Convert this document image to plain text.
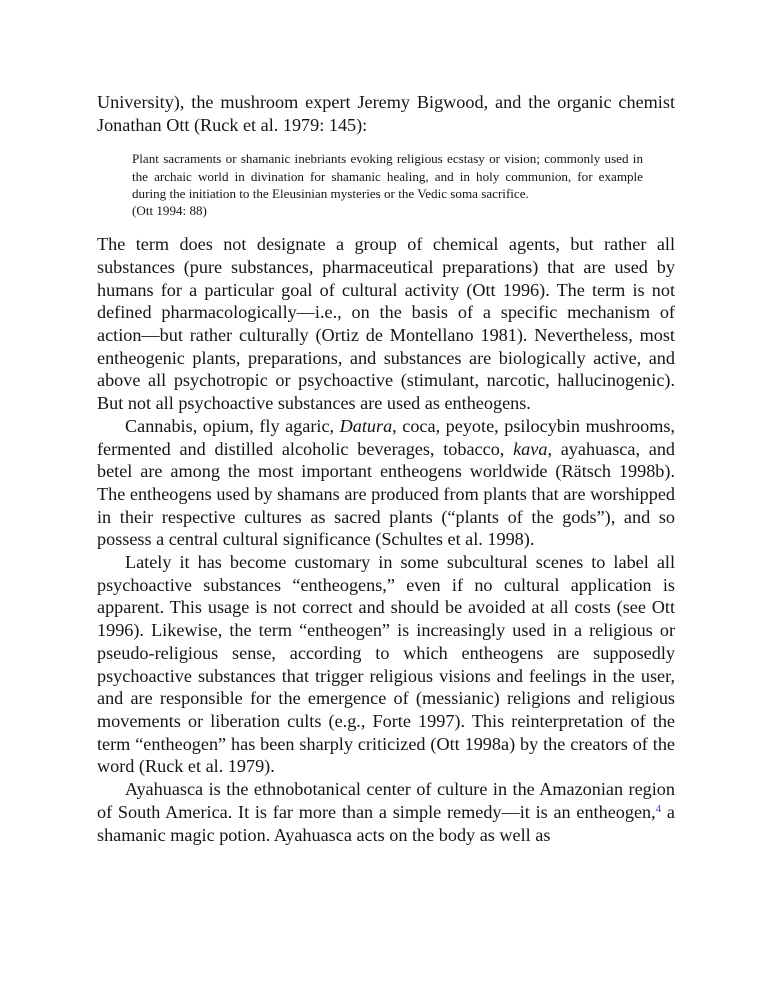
University), the mushroom expert Jeremy Bigwood, and the organic chemist Jonathan Ott (Ruck et al. 1979: 145):

Plant sacraments or shamanic inebriants evoking religious ecstasy or vision; commonly used in the archaic world in divination for shamanic healing, and in holy communion, for example during the initiation to the Eleusinian mysteries or the Vedic soma sacrifice.
(Ott 1994: 88)

The term does not designate a group of chemical agents, but rather all substances (pure substances, pharmaceutical preparations) that are used by humans for a particular goal of cultural activity (Ott 1996). The term is not defined pharmacologically—i.e., on the basis of a specific mechanism of action—but rather culturally (Ortiz de Montellano 1981). Nevertheless, most entheogenic plants, preparations, and substances are biologically active, and above all psychotropic or psychoactive (stimulant, narcotic, hallucinogenic). But not all psychoactive substances are used as entheogens.

Cannabis, opium, fly agaric, Datura, coca, peyote, psilocybin mushrooms, fermented and distilled alcoholic beverages, tobacco, kava, ayahuasca, and betel are among the most important entheogens worldwide (Rätsch 1998b). The entheogens used by shamans are produced from plants that are worshipped in their respective cultures as sacred plants (“plants of the gods”), and so possess a central cultural significance (Schultes et al. 1998).

Lately it has become customary in some subcultural scenes to label all psychoactive substances “entheogens,” even if no cultural application is apparent. This usage is not correct and should be avoided at all costs (see Ott 1996). Likewise, the term “entheogen” is increasingly used in a religious or pseudo-religious sense, according to which entheogens are supposedly psychoactive substances that trigger religious visions and feelings in the user, and are responsible for the emergence of (messianic) religions and religious movements or liberation cults (e.g., Forte 1997). This reinterpretation of the term “entheogen” has been sharply criticized (Ott 1998a) by the creators of the word (Ruck et al. 1979).

Ayahuasca is the ethnobotanical center of culture in the Amazonian region of South America. It is far more than a simple remedy—it is an entheogen,$^4$ a shamanic magic potion. Ayahuasca acts on the body as well as
